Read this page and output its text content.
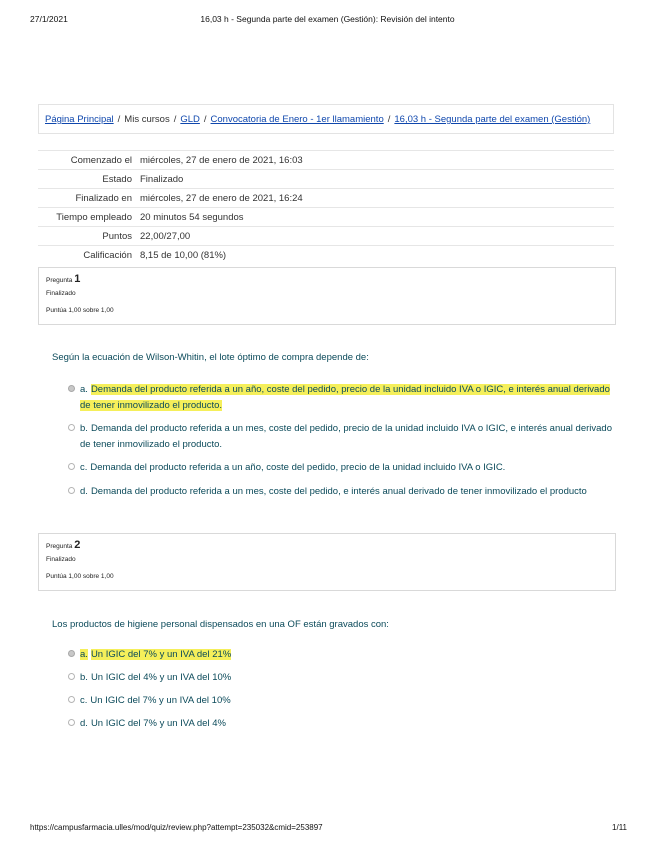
27/1/2021	16,03 h - Segunda parte del examen (Gestión): Revisión del intento
Página Principal / Mis cursos / GLD / Convocatoria de Enero - 1er llamamiento / 16,03 h - Segunda parte del examen (Gestión)
Comenzado el	miércoles, 27 de enero de 2021, 16:03
Estado	Finalizado
Finalizado en	miércoles, 27 de enero de 2021, 16:24
Tiempo empleado	20 minutos 54 segundos
Puntos	22,00/27,00
Calificación	8,15 de 10,00 (81%)
Pregunta 1
Finalizado
Puntúa 1,00 sobre 1,00
Según la ecuación de Wilson-Whitin, el lote óptimo de compra depende de:
a. Demanda del producto referida a un año, coste del pedido, precio de la unidad incluido IVA o IGIC, e interés anual derivado de tener inmovilizado el producto.
b. Demanda del producto referida a un mes, coste del pedido, precio de la unidad incluido IVA o IGIC, e interés anual derivado de tener inmovilizado el producto.
c. Demanda del producto referida a un año, coste del pedido, precio de la unidad incluido IVA o IGIC.
d. Demanda del producto referida a un mes, coste del pedido, e interés anual derivado de tener inmovilizado el producto
Pregunta 2
Finalizado
Puntúa 1,00 sobre 1,00
Los productos de higiene personal dispensados en una OF están gravados con:
a. Un IGIC del 7% y un IVA del 21%
b. Un IGIC del 4% y un IVA del 10%
c. Un IGIC del 7% y un IVA del 10%
d. Un IGIC del 7% y un IVA del 4%
https://campusfarmacia.ulles/mod/quiz/review.php?attempt=235032&cmid=253897	1/11
